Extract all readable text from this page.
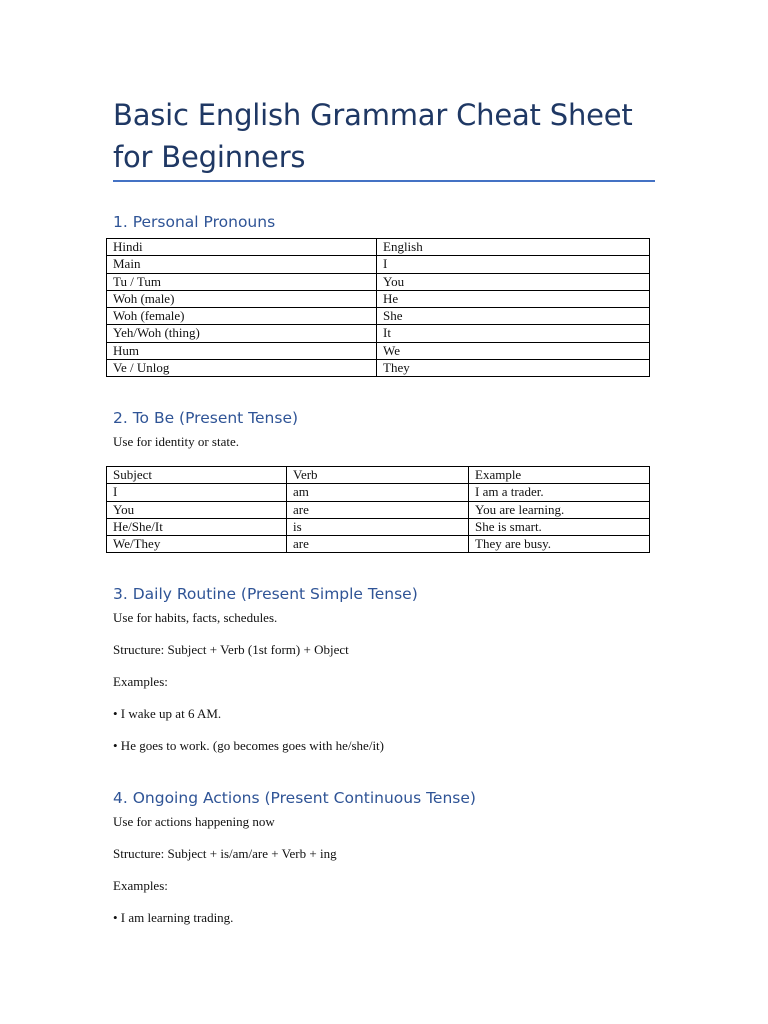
Basic English Grammar Cheat Sheet for Beginners
1. Personal Pronouns
Hindi	English
Main	I
Tu / Tum	You
Woh (male)	He
Woh (female)	She
Yeh/Woh (thing)	It
Hum	We
Ve / Unlog	They
2. To Be (Present Tense)
Use for identity or state.
Subject	Verb	Example
I	am	I am a trader.
You	are	You are learning.
He/She/It	is	She is smart.
We/They	are	They are busy.
3. Daily Routine (Present Simple Tense)
Use for habits, facts, schedules.
Structure: Subject + Verb (1st form) + Object
Examples:
• I wake up at 6 AM.
• He goes to work. (go becomes goes with he/she/it)
4. Ongoing Actions (Present Continuous Tense)
Use for actions happening now
Structure: Subject + is/am/are + Verb + ing
Examples:
• I am learning trading.
